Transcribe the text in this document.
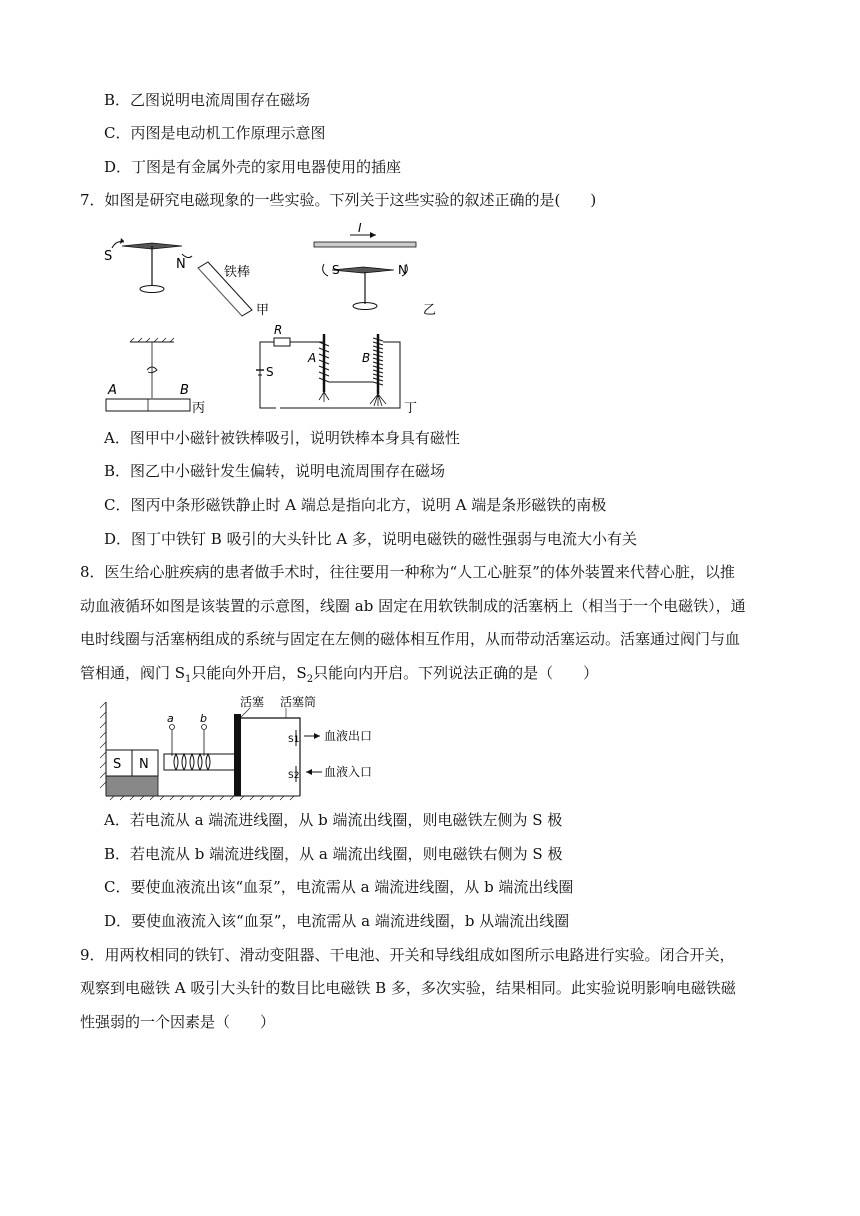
B．乙图说明电流周围存在磁场
C．丙图是电动机工作原理示意图
D．丁图是有金属外壳的家用电器使用的插座
7．如图是研究电磁现象的一些实验。下列关于这些实验的叙述正确的是(　　)
S
N
铁棒
甲
I
S	N
乙
A	B
丙
R
S
A	B
丁
A．图甲中小磁针被铁棒吸引，说明铁棒本身具有磁性
B．图乙中小磁针发生偏转，说明电流周围存在磁场
C．图丙中条形磁铁静止时 A 端总是指向北方，说明 A 端是条形磁铁的南极
D．图丁中铁钉 B 吸引的大头针比 A 多，说明电磁铁的磁性强弱与电流大小有关
8．医生给心脏疾病的患者做手术时，往往要用一种称为“人工心脏泵”的体外装置来代替心脏，以推
动血液循环如图是该装置的示意图，线圈 ab 固定在用软铁制成的活塞柄上（相当于一个电磁铁），通
电时线圈与活塞柄组成的系统与固定在左侧的磁体相互作用，从而带动活塞运动。活塞通过阀门与血
管相通，阀门 $S_1$只能向外开启，$S_2$只能向内开启。下列说法正确的是（　　）
S N
a b
活塞 活塞筒
S1
S2
血液出口
血液入口
A．若电流从 a 端流进线圈，从 b 端流出线圈，则电磁铁左侧为 S 极
B．若电流从 b 端流进线圈，从 a 端流出线圈，则电磁铁右侧为 S 极
C．要使血液流出该“血泵”，电流需从 a 端流进线圈，从 b 端流出线圈
D．要使血液流入该“血泵”，电流需从 a 端流进线圈，b 从端流出线圈
9．用两枚相同的铁钉、滑动变阻器、干电池、开关和导线组成如图所示电路进行实验。闭合开关，
观察到电磁铁 A 吸引大头针的数目比电磁铁 B 多，多次实验，结果相同。此实验说明影响电磁铁磁
性强弱的一个因素是（　　）
